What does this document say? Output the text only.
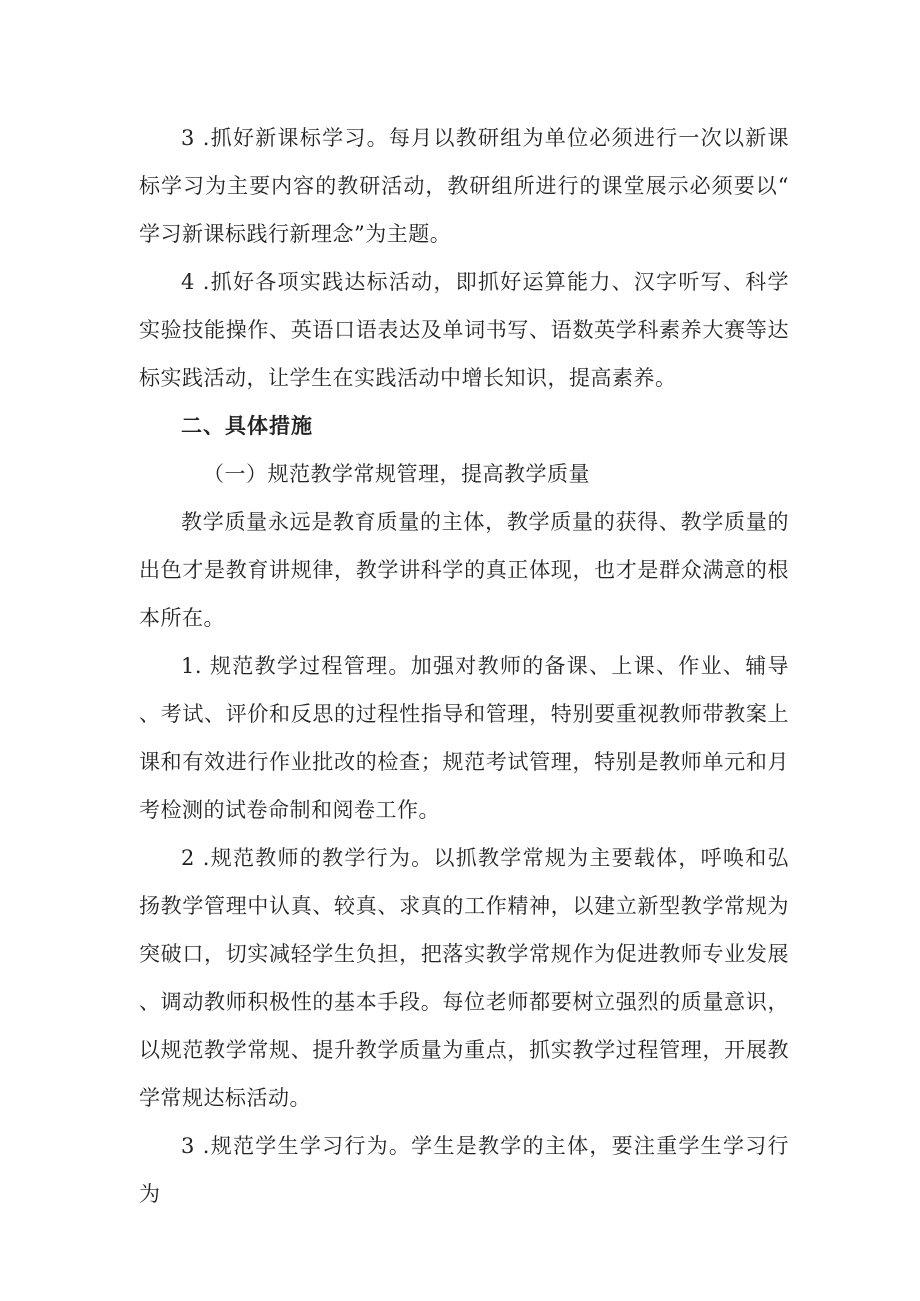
3 .抓好新课标学习。每月以教研组为单位必须进行一次以新课标学习为主要内容的教研活动，教研组所进行的课堂展示必须要以“学习新课标践行新理念”为主题。

4 .抓好各项实践达标活动，即抓好运算能力、汉字听写、科学实验技能操作、英语口语表达及单词书写、语数英学科素养大赛等达标实践活动，让学生在实践活动中增长知识，提高素养。

二、具体措施

（一）规范教学常规管理，提高教学质量

教学质量永远是教育质量的主体，教学质量的获得、教学质量的出色才是教育讲规律，教学讲科学的真正体现，也才是群众满意的根本所在。

1. 规范教学过程管理。加强对教师的备课、上课、作业、辅导、考试、评价和反思的过程性指导和管理，特别要重视教师带教案上课和有效进行作业批改的检查；规范考试管理，特别是教师单元和月考检测的试卷命制和阅卷工作。

2 .规范教师的教学行为。以抓教学常规为主要载体，呼唤和弘扬教学管理中认真、较真、求真的工作精神，以建立新型教学常规为突破口，切实减轻学生负担，把落实教学常规作为促进教师专业发展、调动教师积极性的基本手段。每位老师都要树立强烈的质量意识，以规范教学常规、提升教学质量为重点，抓实教学过程管理，开展教学常规达标活动。

3 .规范学生学习行为。学生是教学的主体，要注重学生学习行为
